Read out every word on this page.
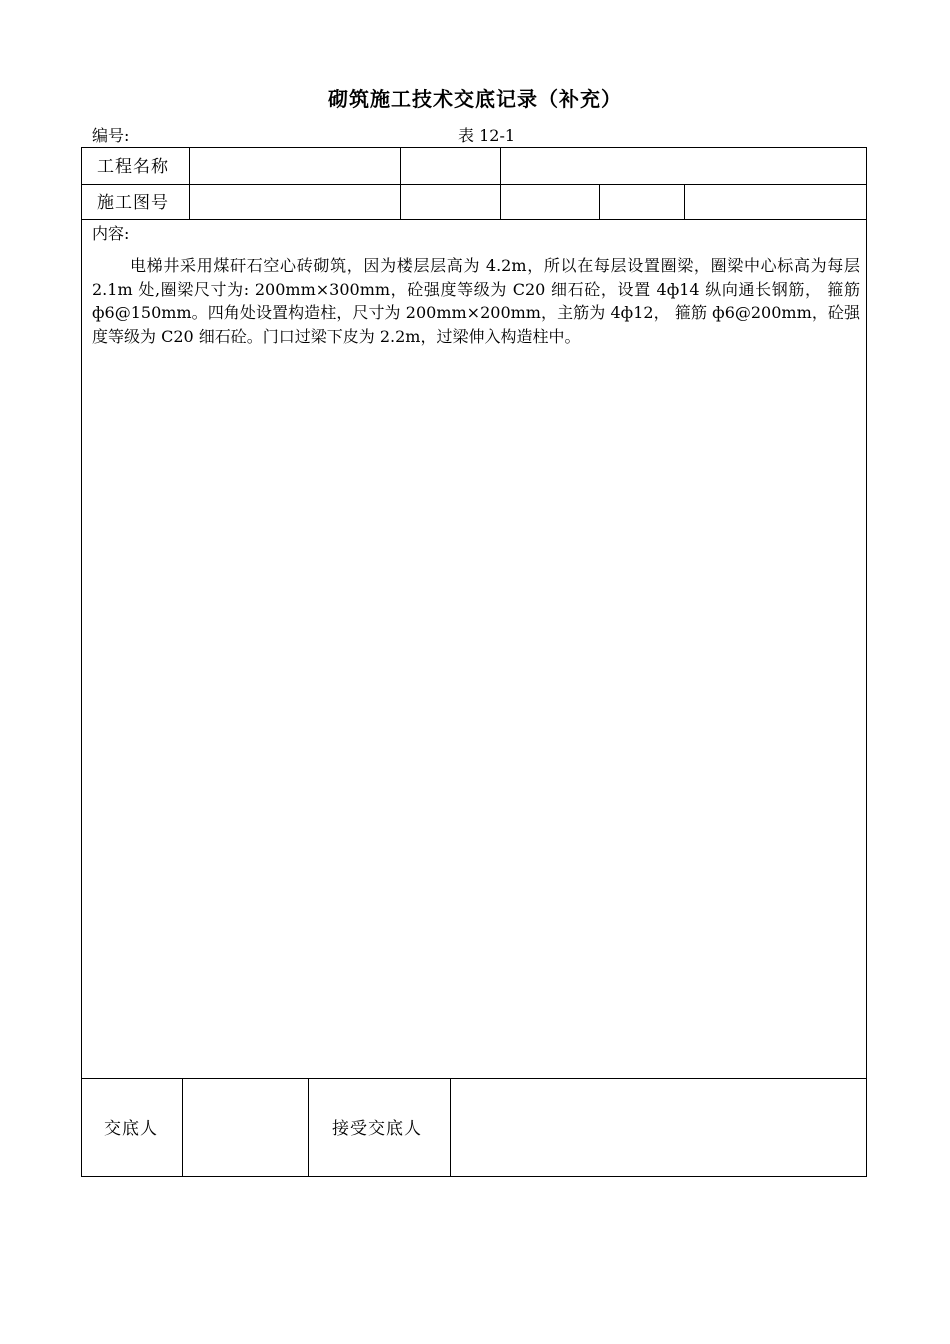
砌筑施工技术交底记录（补充）
编号:	表 12-1
工程名称
施工图号
内容:
电梯井采用煤矸石空心砖砌筑，因为楼层层高为 4.2m，所以在每层设置圈梁，圈梁中心标高为每层 2.1m 处,圈梁尺寸为: 200mm×300mm，砼强度等级为 C20 细石砼，设置 4ф14 纵向通长钢筋， 箍筋 ф6@150mm。四角处设置构造柱，尺寸为 200mm×200mm，主筋为 4ф12， 箍筋 ф6@200mm，砼强度等级为 C20 细石砼。门口过梁下皮为 2.2m，过梁伸入构造柱中。
交底人	接受交底人
